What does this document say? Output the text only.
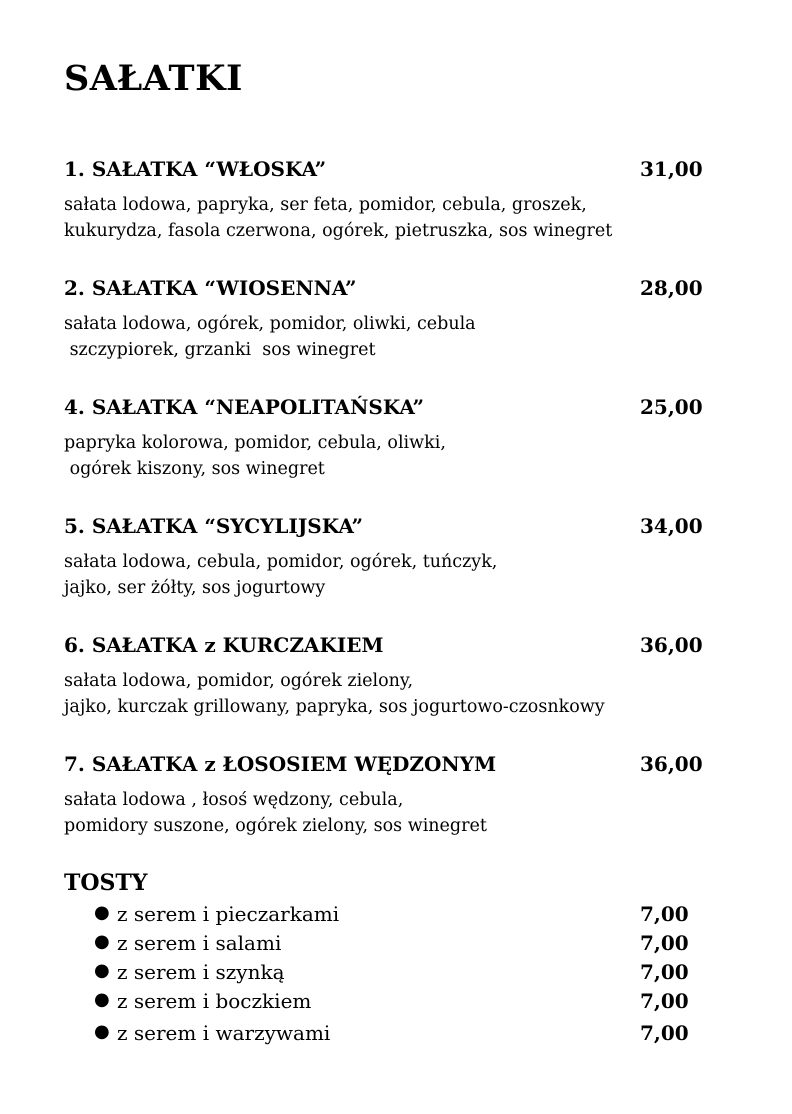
SAŁATKI
1. SAŁATKA “WŁOSKA”	31,00
sałata lodowa, papryka, ser feta, pomidor, cebula, groszek,
kukurydza, fasola czerwona, ogórek, pietruszka, sos winegret
2. SAŁATKA “WIOSENNA”	28,00
sałata lodowa, ogórek, pomidor, oliwki, cebula
szczypiorek, grzanki  sos winegret
4. SAŁATKA “NEAPOLITAŃSKA”	25,00
papryka kolorowa, pomidor, cebula, oliwki,
ogórek kiszony, sos winegret
5. SAŁATKA “SYCYLIJSKA”	34,00
sałata lodowa, cebula, pomidor, ogórek, tuńczyk,
jajko, ser żółty, sos jogurtowy
6. SAŁATKA z KURCZAKIEM	36,00
sałata lodowa, pomidor, ogórek zielony,
jajko, kurczak grillowany, papryka, sos jogurtowo-czosnkowy
7. SAŁATKA z ŁOSOSIEM WĘDZONYM	36,00
sałata lodowa , łosoś wędzony, cebula,
pomidory suszone, ogórek zielony, sos winegret
TOSTY
● z serem i pieczarkami	7,00
● z serem i salami	7,00
● z serem i szynką	7,00
● z serem i boczkiem	7,00
● z serem i warzywami	7,00
